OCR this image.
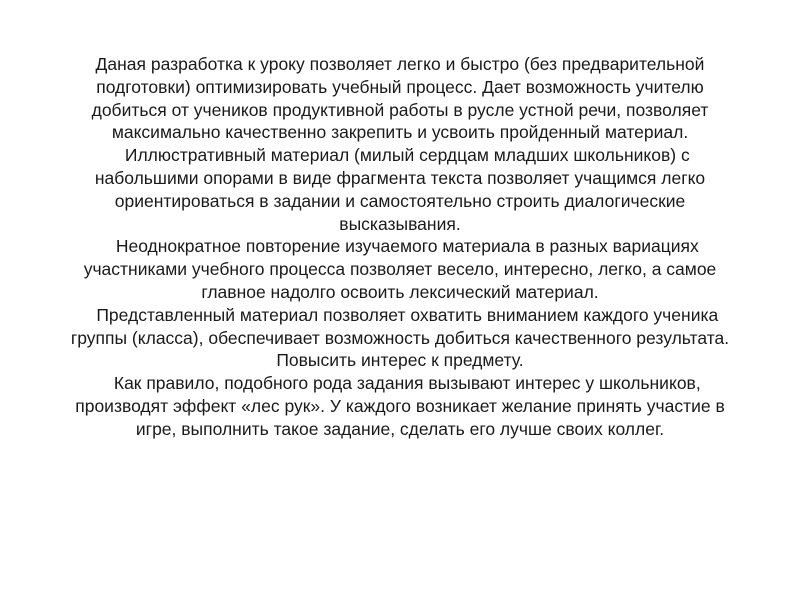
Даная разработка к уроку позволяет легко и быстро (без предварительной подготовки) оптимизировать учебный процесс. Дает возможность учителю добиться от учеников продуктивной работы в русле устной речи, позволяет максимально качественно закрепить и усвоить пройденный материал.

Иллюстративный материал (милый сердцам младших школьников) с набольшими опорами в виде фрагмента текста позволяет учащимся легко ориентироваться в задании и самостоятельно строить диалогические высказывания.

Неоднократное повторение изучаемого материала в разных вариациях участниками учебного процесса позволяет весело, интересно, легко, а самое главное надолго освоить лексический материал.

Представленный материал позволяет охватить вниманием каждого ученика группы (класса), обеспечивает возможность добиться качественного результата. Повысить интерес к предмету.

Как правило, подобного рода задания вызывают интерес у школьников, производят эффект «лес рук». У каждого возникает желание принять участие в игре, выполнить такое задание, сделать его лучше своих коллег.
